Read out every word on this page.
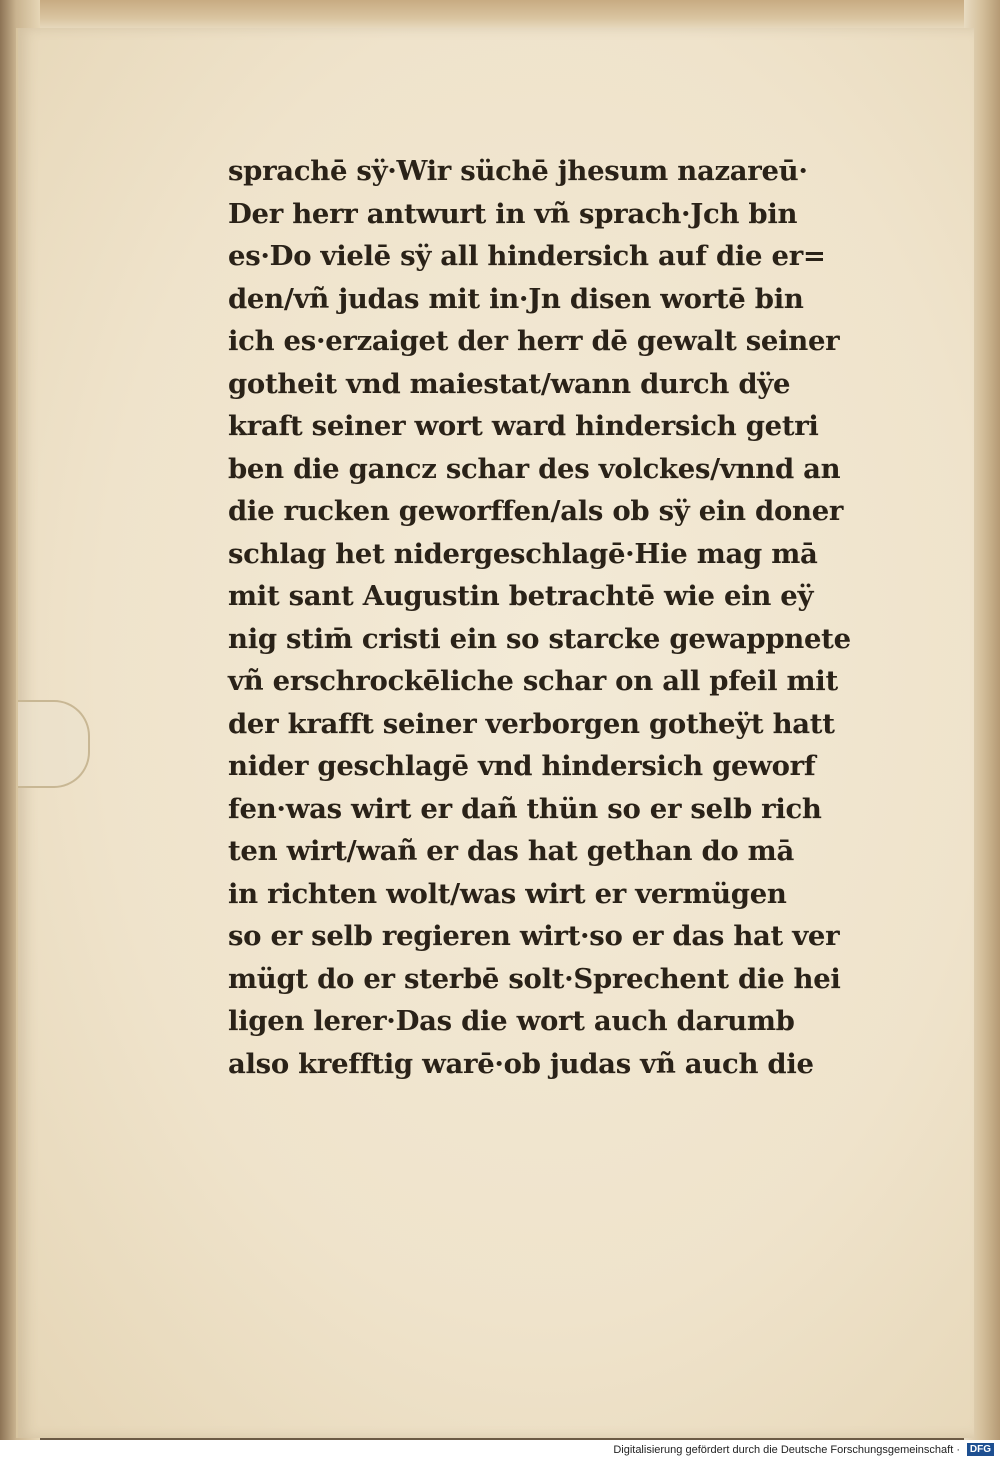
sprachē sÿ·Wir süchē jhesum nazareū·
Der herr antwurt in vñ sprach·Jch bin
es·Do vielē sÿ all hindersich auf die er=
den/vñ judas mit in·Jn disen wortē bin
ich es·erzaiget der herr dē gewalt seiner
gotheit vnd maiestat/wann durch dÿe
kraft seiner wort ward hindersich getri
ben die gancz schar des volckes/vnnd an
die rucken geworffen/als ob sÿ ein doner
schlag het nidergeschlagē·Hie mag mā
mit sant Augustin betrachtē wie ein eÿ
nig stim̄ cristi ein so starcke gewappnete
vñ erschrockēliche schar on all pfeil mit
der krafft seiner verborgen gotheÿt hatt
nider geschlagē vnd hindersich geworf
fen·was wirt er dañ thün so er selb rich
ten wirt/wañ er das hat gethan do mā
in richten wolt/was wirt er vermügen
so er selb regieren wirt·so er das hat ver
mügt do er sterbē solt·Sprechent die hei
ligen lerer·Das die wort auch darumb
also krefftig warē·ob judas vñ auch die
Digitalisierung gefördert durch die Deutsche Forschungsgemeinschaft · DFG
